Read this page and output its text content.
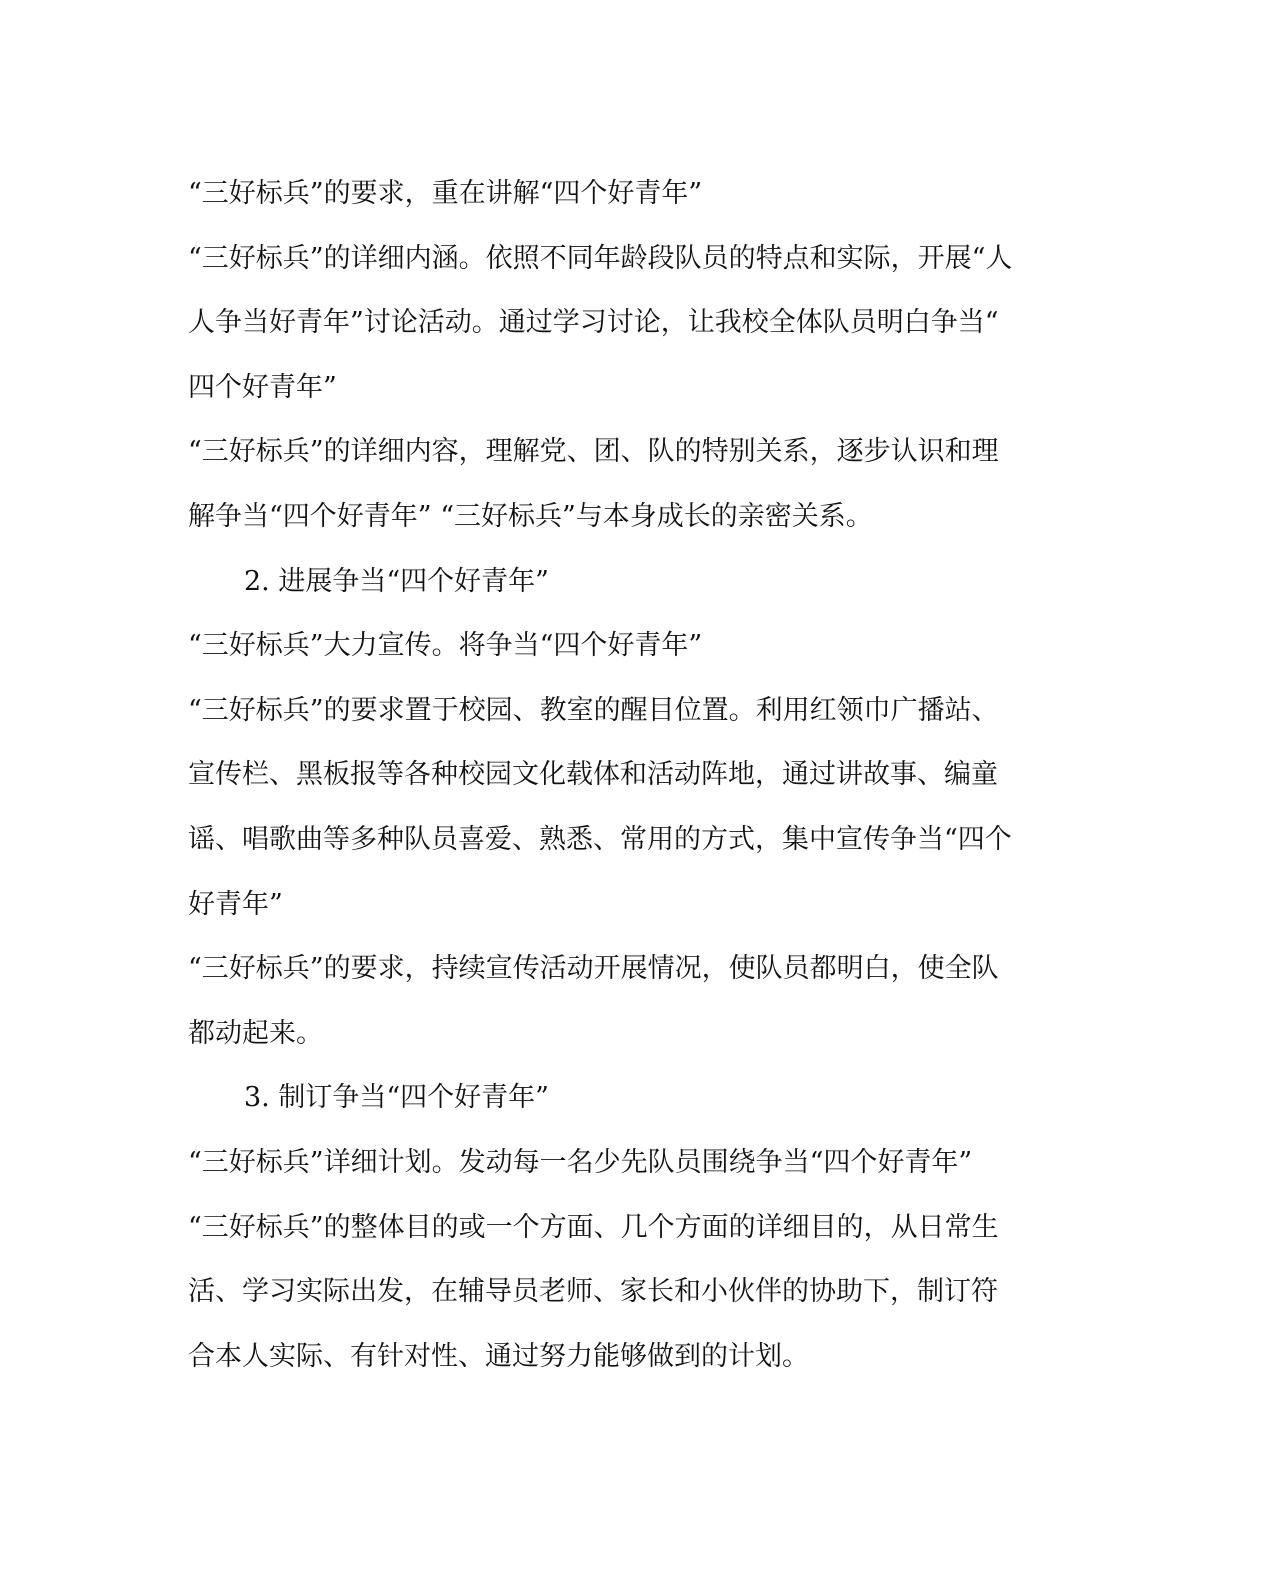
“三好标兵”的要求，重在讲解“四个好青年”
“三好标兵”的详细内涵。依照不同年龄段队员的特点和实际，开展“人
人争当好青年”讨论活动。通过学习讨论，让我校全体队员明白争当“
四个好青年”
“三好标兵”的详细内容，理解党、团、队的特别关系，逐步认识和理
解争当“四个好青年” “三好标兵”与本身成长的亲密关系。
2. 进展争当“四个好青年”
“三好标兵”大力宣传。将争当“四个好青年”
“三好标兵”的要求置于校园、教室的醒目位置。利用红领巾广播站、
宣传栏、黑板报等各种校园文化载体和活动阵地，通过讲故事、编童
谣、唱歌曲等多种队员喜爱、熟悉、常用的方式，集中宣传争当“四个
好青年”
“三好标兵”的要求，持续宣传活动开展情况，使队员都明白，使全队
都动起来。
3. 制订争当“四个好青年”
“三好标兵”详细计划。发动每一名少先队员围绕争当“四个好青年”
“三好标兵”的整体目的或一个方面、几个方面的详细目的，从日常生
活、学习实际出发，在辅导员老师、家长和小伙伴的协助下，制订符
合本人实际、有针对性、通过努力能够做到的计划。
